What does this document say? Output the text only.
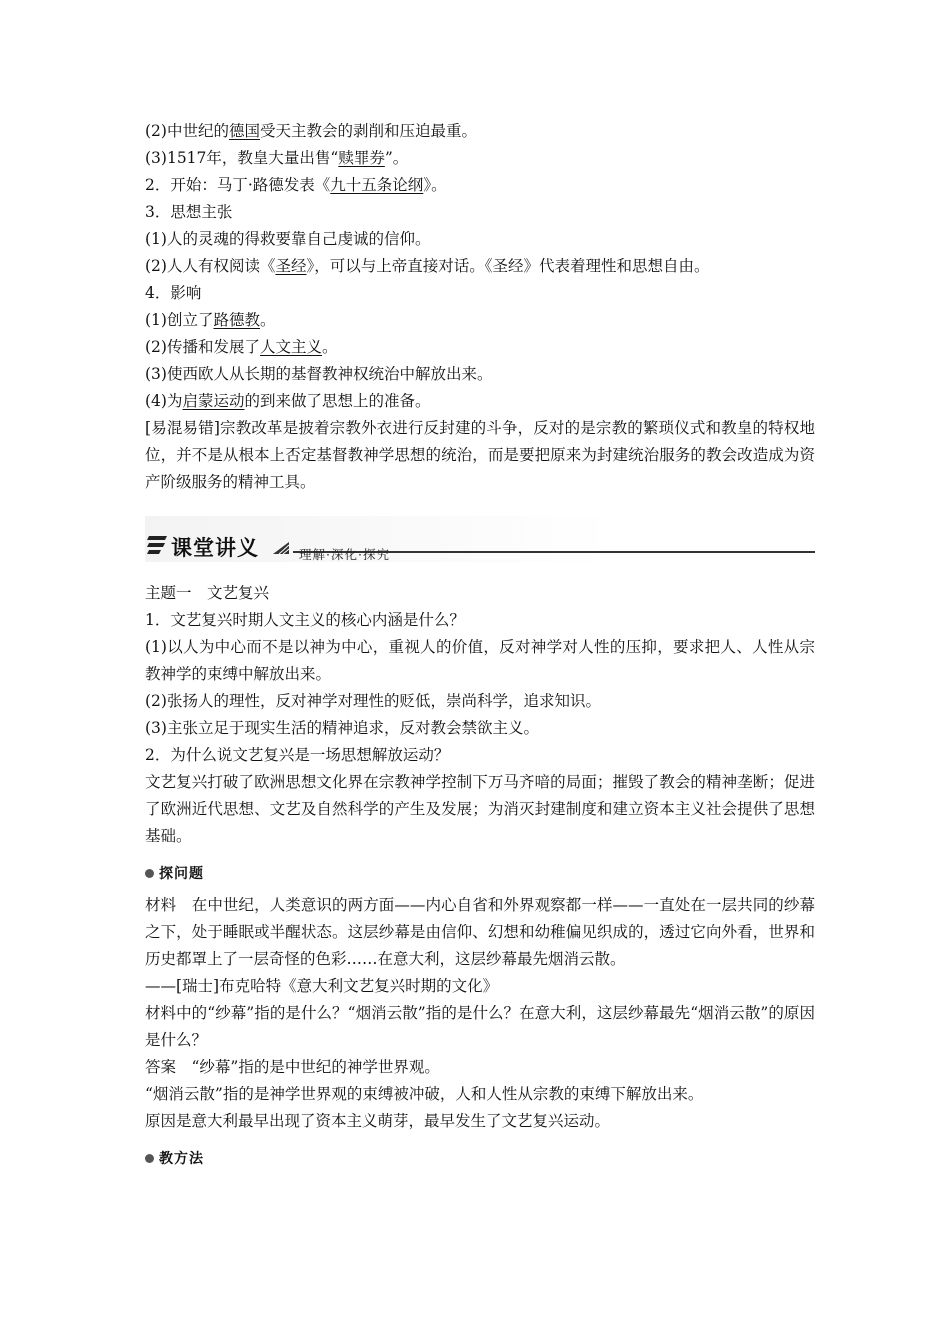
(2)中世纪的德国受天主教会的剥削和压迫最重。
(3)1517年，教皇大量出售“赎罪券”。
2．开始：马丁·路德发表《九十五条论纲》。
3．思想主张
(1)人的灵魂的得救要靠自己虔诚的信仰。
(2)人人有权阅读《圣经》，可以与上帝直接对话。《圣经》代表着理性和思想自由。
4．影响
(1)创立了路德教。
(2)传播和发展了人文主义。
(3)使西欧人从长期的基督教神权统治中解放出来。
(4)为启蒙运动的到来做了思想上的准备。
[易混易错]宗教改革是披着宗教外衣进行反封建的斗争，反对的是宗教的繁琐仪式和教皇的特权地位，并不是从根本上否定基督教神学思想的统治，而是要把原来为封建统治服务的教会改造成为资产阶级服务的精神工具。
课堂讲义	理解·深化·探究
主题一　文艺复兴
1．文艺复兴时期人文主义的核心内涵是什么？
(1)以人为中心而不是以神为中心，重视人的价值，反对神学对人性的压抑，要求把人、人性从宗教神学的束缚中解放出来。
(2)张扬人的理性，反对神学对理性的贬低，崇尚科学，追求知识。
(3)主张立足于现实生活的精神追求，反对教会禁欲主义。
2．为什么说文艺复兴是一场思想解放运动？
文艺复兴打破了欧洲思想文化界在宗教神学控制下万马齐喑的局面；摧毁了教会的精神垄断；促进了欧洲近代思想、文艺及自然科学的产生及发展；为消灭封建制度和建立资本主义社会提供了思想基础。
探问题
材料　在中世纪，人类意识的两方面——内心自省和外界观察都一样——一直处在一层共同的纱幕之下，处于睡眠或半醒状态。这层纱幕是由信仰、幻想和幼稚偏见织成的，透过它向外看，世界和历史都罩上了一层奇怪的色彩……在意大利，这层纱幕最先烟消云散。
——[瑞士]布克哈特《意大利文艺复兴时期的文化》
材料中的“纱幕”指的是什么？“烟消云散”指的是什么？在意大利，这层纱幕最先“烟消云散”的原因是什么？
答案　“纱幕”指的是中世纪的神学世界观。
“烟消云散”指的是神学世界观的束缚被冲破，人和人性从宗教的束缚下解放出来。
原因是意大利最早出现了资本主义萌芽，最早发生了文艺复兴运动。
教方法
